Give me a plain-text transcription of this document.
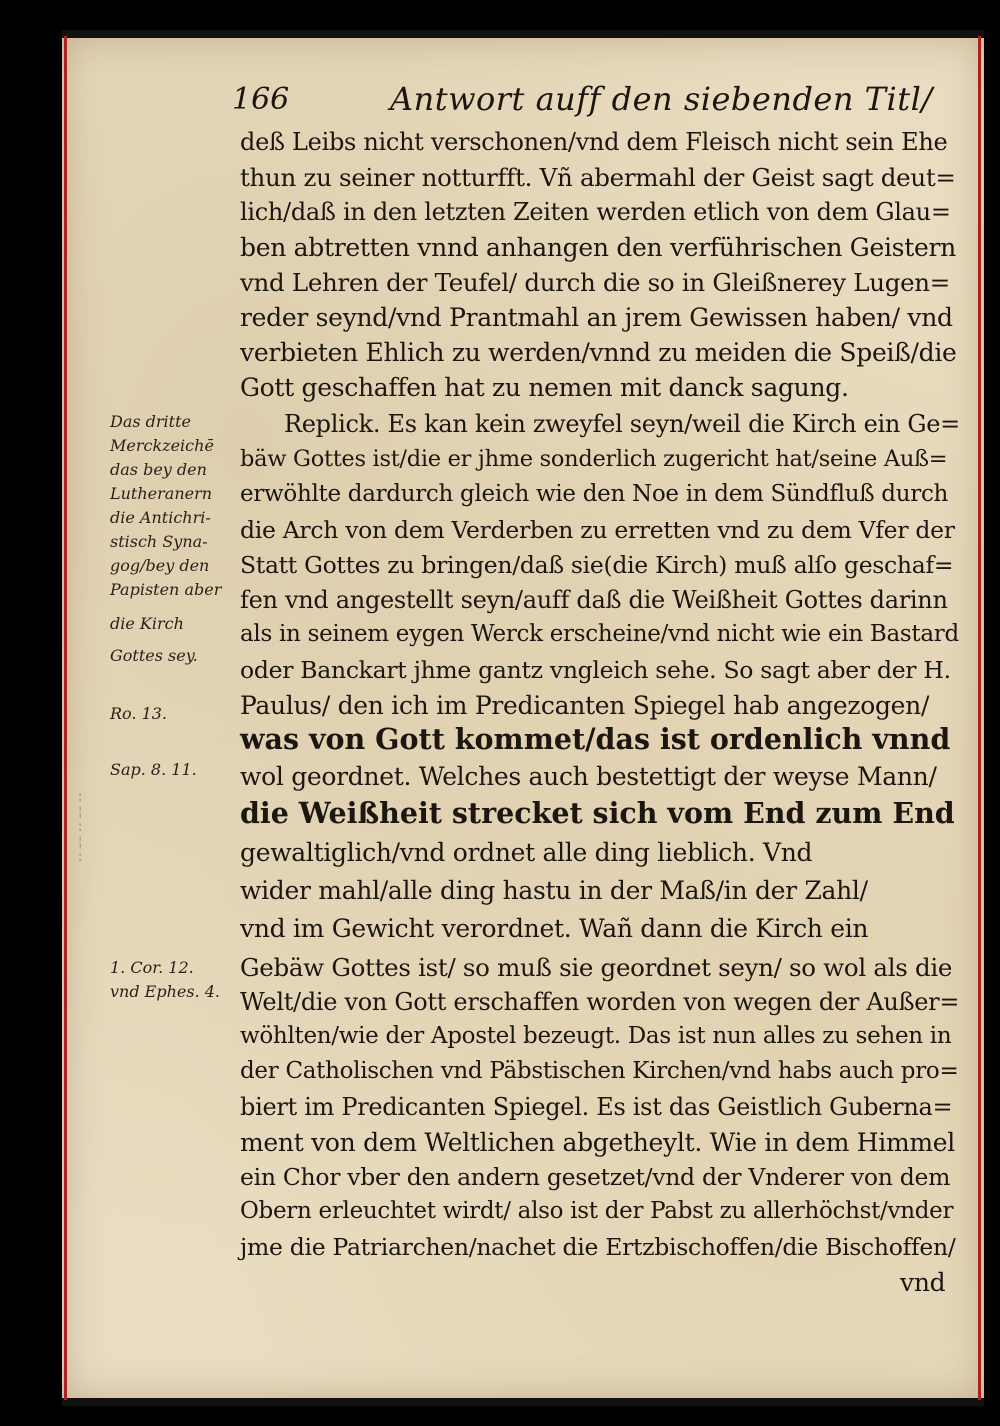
166	Antwort auff den siebenden Titl/
deß Leibs nicht verschonen/vnd dem Fleisch nicht sein Ehe
thun zu seiner notturfft. Vñ abermahl der Geist sagt deut=
lich/daß in den letzten Zeiten werden etlich von dem Glau=
ben abtretten vnnd anhangen den verführischen Geistern
vnd Lehren der Teufel/ durch die so in Gleißnerey Lugen=
reder seynd/vnd Prantmahl an jrem Gewissen haben/ vnd
verbieten Ehlich zu werden/vnnd zu meiden die Speiß/die
Gott geschaffen hat zu nemen mit danck sagung.
Replick. Es kan kein zweyfel seyn/weil die Kirch ein Ge=
bäw Gottes ist/die er jhme sonderlich zugericht hat/seine Auß=
erwöhlte dardurch gleich wie den Noe in dem Sündfluß durch
die Arch von dem Verderben zu erretten vnd zu dem Vfer der
Statt Gottes zu bringen/daß sie(die Kirch) muß alſo geschaf=
fen vnd angestellt seyn/auff daß die Weißheit Gottes darinn
als in seinem eygen Werck erscheine/vnd nicht wie ein Bastard
oder Banckart jhme gantz vngleich sehe. So sagt aber der H.
Paulus/ den ich im Predicanten Spiegel hab angezogen/
was von Gott kommet/das ist ordenlich vnnd
wol geordnet. Welches auch bestettigt der weyse Mann/
die Weißheit strecket sich vom End zum End
gewaltiglich/vnd ordnet alle ding lieblich. Vnd
wider mahl/alle ding hastu in der Maß/in der Zahl/
vnd im Gewicht verordnet. Wañ dann die Kirch ein
Gebäw Gottes ist/ so muß sie geordnet seyn/ so wol als die
Welt/die von Gott erschaffen worden von wegen der Außer=
wöhlten/wie der Apostel bezeugt. Das ist nun alles zu sehen in
der Catholischen vnd Päbstischen Kirchen/vnd habs auch pro=
biert im Predicanten Spiegel. Es ist das Geistlich Guberna=
ment von dem Weltlichen abgetheylt. Wie in dem Himmel
ein Chor vber den andern gesetzet/vnd der Vnderer von dem
Obern erleuchtet wirdt/ also ist der Pabst zu allerhöchst/vnder
jme die Patriarchen/nachet die Ertzbischoffen/die Bischoffen/
vnd
Das dritte
Merckzeichē
das bey den
Lutheranern
die Antichri-
stisch Syna-
gog/bey den
Papisten aber
die Kirch
Gottes sey.
Ro. 13.
Sap. 8. 11.
1. Cor. 12.
vnd Ephes. 4.
:
¦
:
¦
:
